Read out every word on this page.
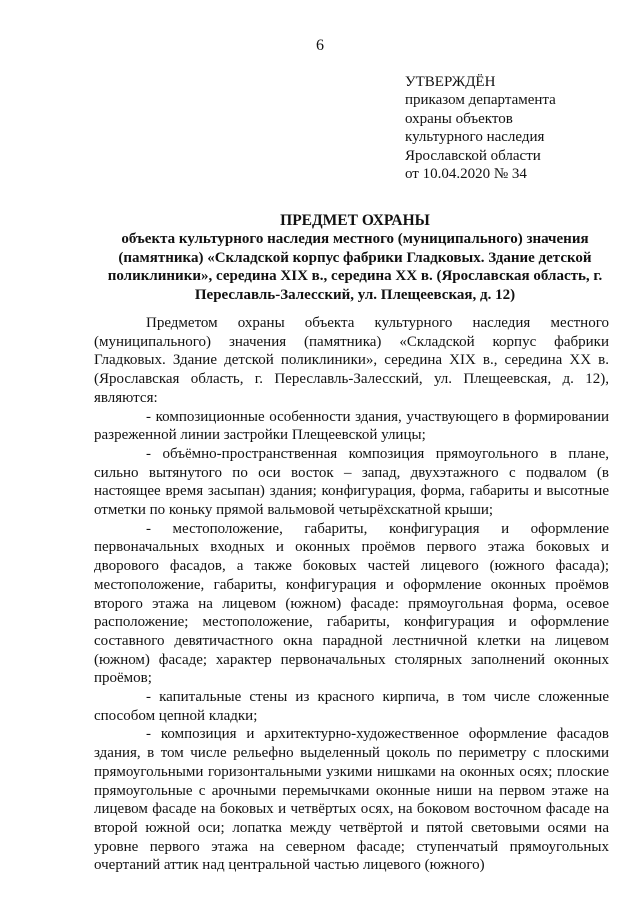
6
УТВЕРЖДЁН
приказом департамента
охраны объектов
культурного наследия
Ярославской области
от 10.04.2020 № 34
ПРЕДМЕТ ОХРАНЫ
объекта культурного наследия местного (муниципального) значения (памятника) «Складской корпус фабрики Гладковых. Здание детской поликлиники», середина XIX в., середина XX в. (Ярославская область, г. Переславль-Залесский, ул. Плещеевская, д. 12)

Предметом охраны объекта культурного наследия местного (муниципального) значения (памятника) «Складской корпус фабрики Гладковых. Здание детской поликлиники», середина XIX в., середина XX в. (Ярославская область, г. Переславль-Залесский, ул. Плещеевская, д. 12), являются:

- композиционные особенности здания, участвующего в формировании разреженной линии застройки Плещеевской улицы;

- объёмно-пространственная композиция прямоугольного в плане, сильно вытянутого по оси восток – запад, двухэтажного с подвалом (в настоящее время засыпан) здания; конфигурация, форма, габариты и высотные отметки по коньку прямой вальмовой четырёхскатной крыши;

- местоположение, габариты, конфигурация и оформление первоначальных входных и оконных проёмов первого этажа боковых и дворового фасадов, а также боковых частей лицевого (южного фасада); местоположение, габариты, конфигурация и оформление оконных проёмов второго этажа на лицевом (южном) фасаде: прямоугольная форма, осевое расположение; местоположение, габариты, конфигурация и оформление составного девятичастного окна парадной лестничной клетки на лицевом (южном) фасаде; характер первоначальных столярных заполнений оконных проёмов;

- капитальные стены из красного кирпича, в том числе сложенные способом цепной кладки;

- композиция и архитектурно-художественное оформление фасадов здания, в том числе рельефно выделенный цоколь по периметру с плоскими прямоугольными горизонтальными узкими нишками на оконных осях; плоские прямоугольные с арочными перемычками оконные ниши на первом этаже на лицевом фасаде на боковых и четвёртых осях, на боковом восточном фасаде на второй южной оси; лопатка между четвёртой и пятой световыми осями на уровне первого этажа на северном фасаде; ступенчатый прямоугольных очертаний аттик над центральной частью лицевого (южного)
